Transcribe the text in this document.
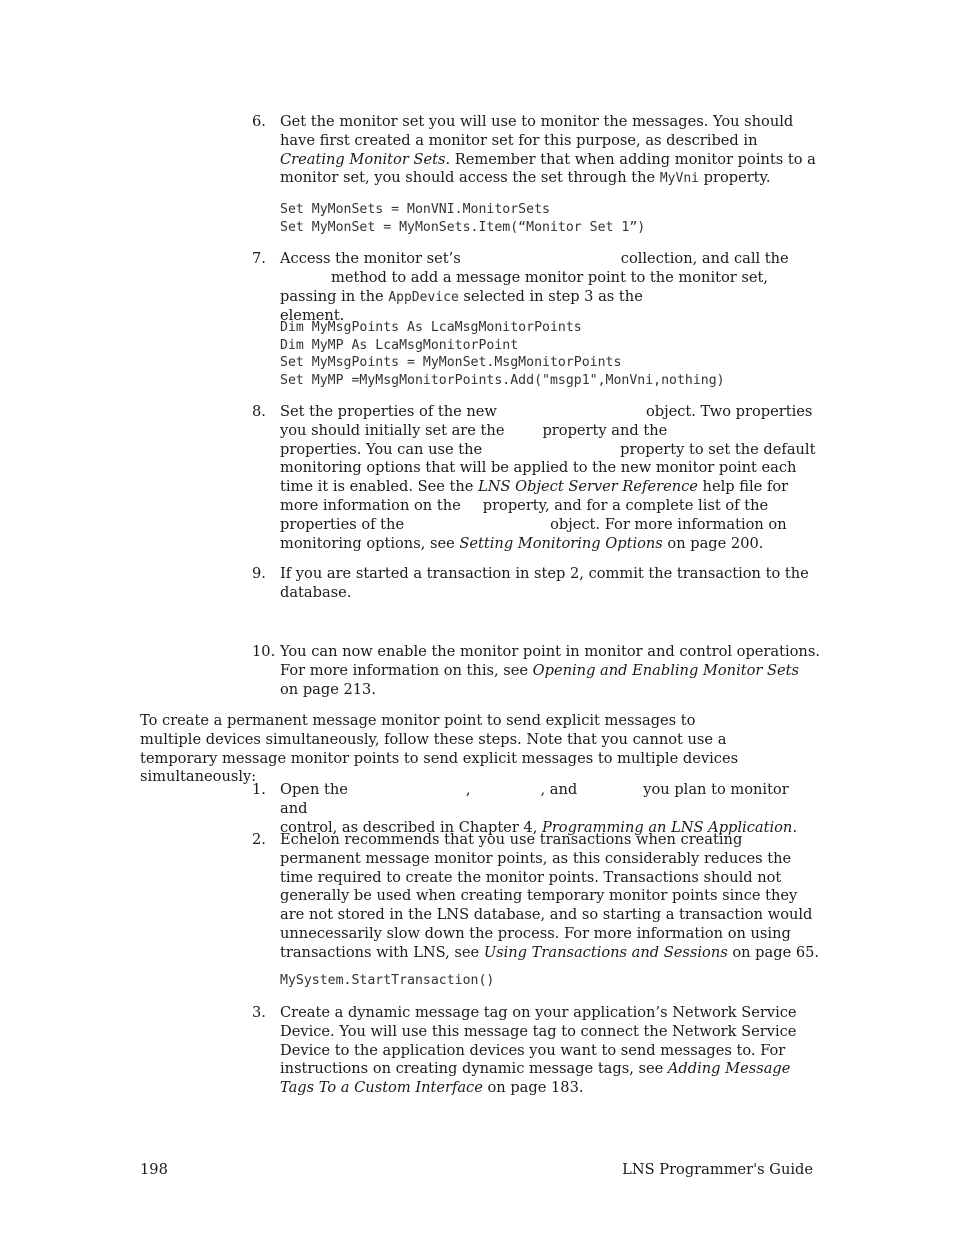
6. Get the monitor set you will use to monitor the messages. You should have first created a monitor set for this purpose, as described in Creating Monitor Sets. Remember that when adding monitor points to a monitor set, you should access the set through the MyVni property.

Set MyMonSets = MonVNI.MonitorSets
Set MyMonSet = MyMonSets.Item(“Monitor Set 1”)
7. Access the monitor set’s	collection, and call the
method to add a message monitor point to the monitor set, passing in the AppDevice selected in step 3 as theelement.

Dim MyMsgPoints As LcaMsgMonitorPoints
Dim MyMP As LcaMsgMonitorPoint
Set MyMsgPoints = MyMonSet.MsgMonitorPoints
Set MyMP =MyMsgMonitorPoints.Add("msgp1",MonVni,nothing)
8. Set the properties of the new	object. Two properties
you should initially set are the	property and the
properties. You can use the	property to set the default monitoring options that will be applied to the new monitor point each time it is enabled. See the LNS Object Server Reference help file for more information on the property, and for a complete list of the properties of the	object. For more information on monitoring options, see Setting Monitoring Options on page 200.

9. If you are started a transaction in step 2, commit the transaction to the database.

10. You can now enable the monitor point in monitor and control operations. For more information on this, see Opening and Enabling Monitor Sets on page 213.

To create a permanent message monitor point to send explicit messages to multiple devices simultaneously, follow these steps. Note that you cannot use a temporary message monitor points to send explicit messages to multiple devices simultaneously:

1. Open the	,	, and	you plan to monitor and
control, as described in Chapter 4, Programming an LNS Application.

2. Echelon recommends that you use transactions when creating permanent message monitor points, as this considerably reduces the time required to create the monitor points. Transactions should not generally be used when creating temporary monitor points since they are not stored in the LNS database, and so starting a transaction would unnecessarily slow down the process. For more information on using transactions with LNS, see Using Transactions and Sessions on page 65.

MySystem.StartTransaction()
3. Create a dynamic message tag on your application’s Network Service Device. You will use this message tag to connect the Network Service Device to the application devices you want to send messages to. For instructions on creating dynamic message tags, see Adding Message Tags To a Custom Interface on page 183.

198	LNS Programmer's Guide
